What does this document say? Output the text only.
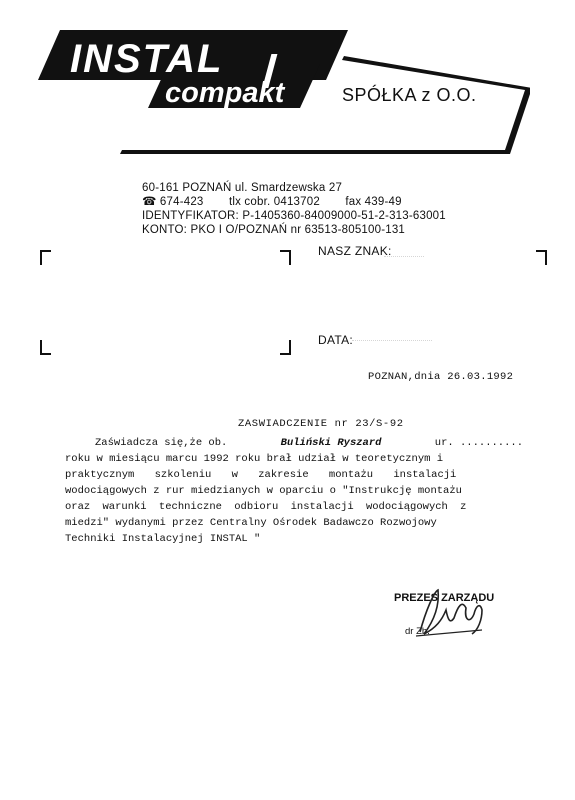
INSTAL
compakt	SPÓŁKA z O.O.
60-161 POZNAŃ ul. Smardzewska 27
☎ 674-423 tlx cobr. 0413702 fax 439-49
IDENTYFIKATOR: P-1405360-84009000-51-2-313-63001
KONTO: PKO I O/POZNAŃ nr 63513-805100-131
NASZ ZNAK:
DATA:
POZNAN,dnia 26.03.1992
ZASWIADCZENIE nr 23/S-92
Zaświadcza się,że ob.	Buliński Ryszard	ur. ..........
roku w miesiącu marcu 1992 roku brał udział w teoretycznym i
praktycznym szkoleniu w zakresie montażu instalacji
wodociągowych z rur miedzianych w oparciu o "Instrukcję montażu
oraz warunki techniczne odbioru instalacji wodociągowych z
miedzi" wydanymi przez Centralny Ośrodek Badawczo Rozwojowy
Techniki Instalacyjnej INSTAL "
PREZES ZARZĄDU
dr Zb.
